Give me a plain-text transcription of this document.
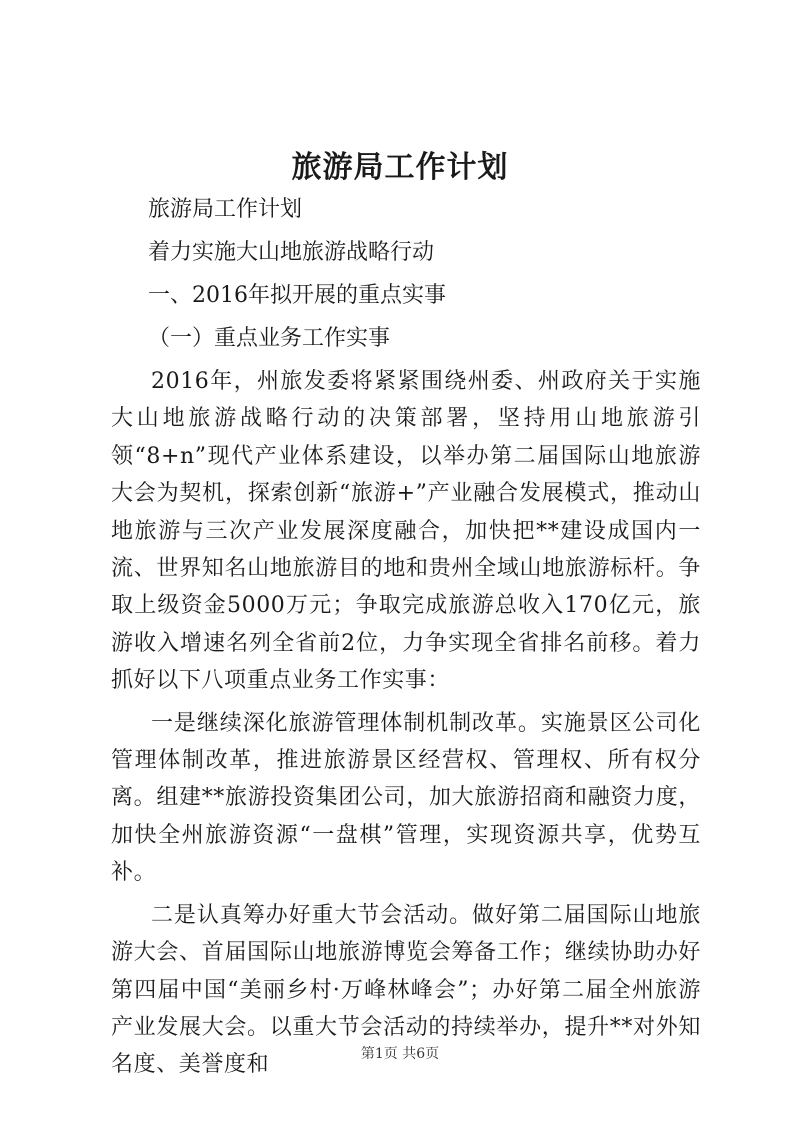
旅游局工作计划

旅游局工作计划

着力实施大山地旅游战略行动

一、2016年拟开展的重点实事

（一）重点业务工作实事

2016年，州旅发委将紧紧围绕州委、州政府关于实施大山地旅游战略行动的决策部署，坚持用山地旅游引领“8+n”现代产业体系建设，以举办第二届国际山地旅游大会为契机，探索创新“旅游+”产业融合发展模式，推动山地旅游与三次产业发展深度融合，加快把**建设成国内一流、世界知名山地旅游目的地和贵州全域山地旅游标杆。争取上级资金5000万元；争取完成旅游总收入170亿元，旅游收入增速名列全省前2位，力争实现全省排名前移。着力抓好以下八项重点业务工作实事：

一是继续深化旅游管理体制机制改革。实施景区公司化管理体制改革，推进旅游景区经营权、管理权、所有权分离。组建**旅游投资集团公司，加大旅游招商和融资力度，加快全州旅游资源“一盘棋”管理，实现资源共享，优势互补。

二是认真筹办好重大节会活动。做好第二届国际山地旅游大会、首届国际山地旅游博览会筹备工作；继续协助办好第四届中国“美丽乡村·万峰林峰会”；办好第二届全州旅游产业发展大会。以重大节会活动的持续举办，提升**对外知名度、美誉度和	第1页 共6页
